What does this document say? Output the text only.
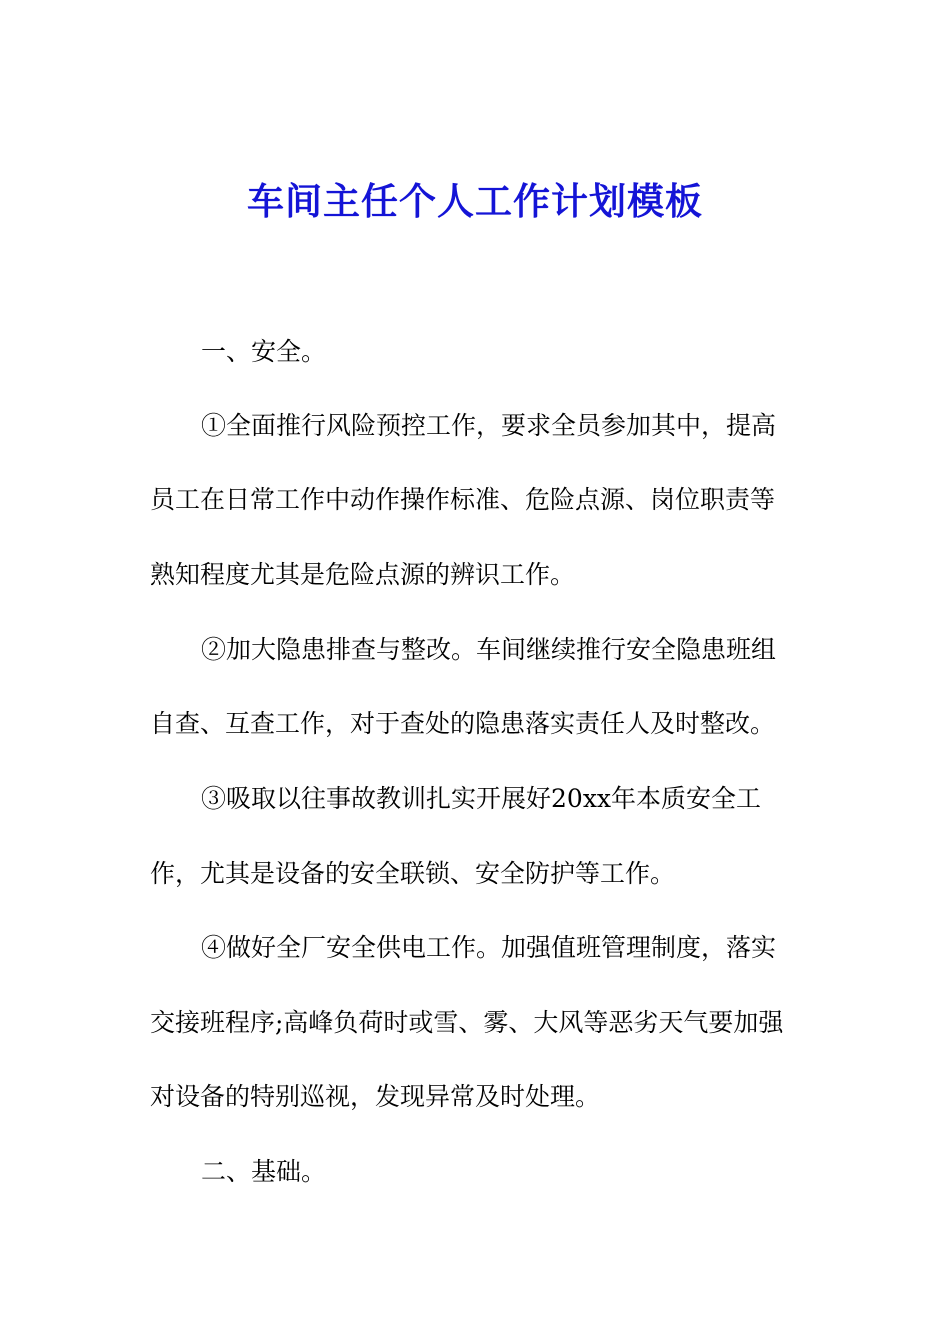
车间主任个人工作计划模板
一、安全。
①全面推行风险预控工作，要求全员参加其中，提高
员工在日常工作中动作操作标准、危险点源、岗位职责等
熟知程度尤其是危险点源的辨识工作。
②加大隐患排查与整改。车间继续推行安全隐患班组
自查、互查工作，对于查处的隐患落实责任人及时整改。
③吸取以往事故教训扎实开展好20xx年本质安全工
作，尤其是设备的安全联锁、安全防护等工作。
④做好全厂安全供电工作。加强值班管理制度，落实
交接班程序;高峰负荷时或雪、雾、大风等恶劣天气要加强
对设备的特别巡视，发现异常及时处理。
二、基础。
